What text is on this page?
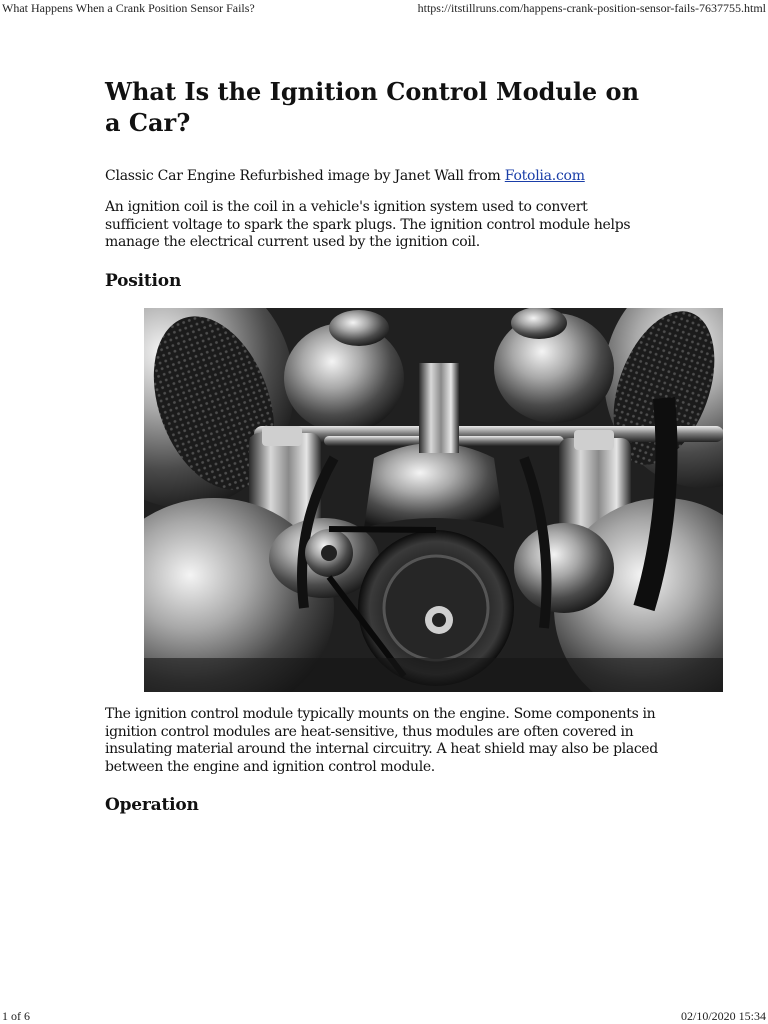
What Happens When a Crank Position Sensor Fails?	https://itstillruns.com/happens-crank-position-sensor-fails-7637755.html
What Is the Ignition Control Module on a Car?
Classic Car Engine Refurbished image by Janet Wall from Fotolia.com
An ignition coil is the coil in a vehicle's ignition system used to convert sufficient voltage to spark the spark plugs. The ignition control module helps manage the electrical current used by the ignition coil.
Position
The ignition control module typically mounts on the engine. Some components in ignition control modules are heat-sensitive, thus modules are often covered in insulating material around the internal circuitry. A heat shield may also be placed between the engine and ignition control module.
Operation
1 of 6	02/10/2020 15:34
